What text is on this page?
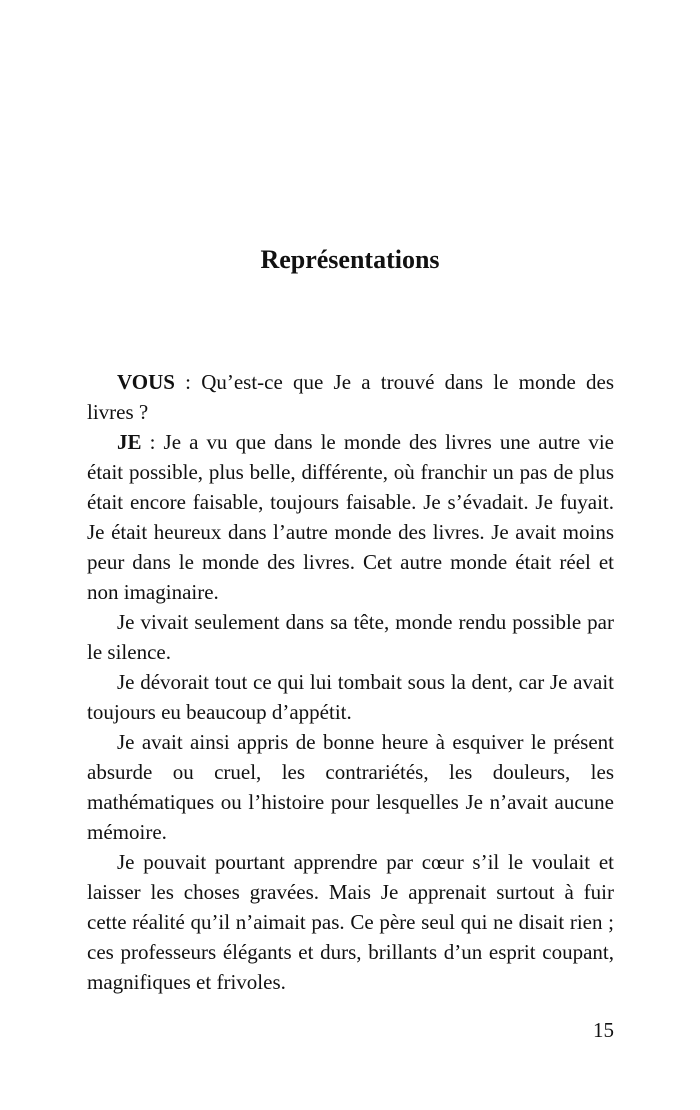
Représentations

VOUS : Qu’est-ce que Je a trouvé dans le monde des livres ?

JE : Je a vu que dans le monde des livres une autre vie était possible, plus belle, différente, où franchir un pas de plus était encore faisable, toujours faisable. Je s’évadait. Je fuyait. Je était heureux dans l’autre monde des livres. Je avait moins peur dans le monde des livres. Cet autre monde était réel et non imaginaire.

Je vivait seulement dans sa tête, monde rendu possible par le silence.

Je dévorait tout ce qui lui tombait sous la dent, car Je avait toujours eu beaucoup d’appétit.

Je avait ainsi appris de bonne heure à esquiver le présent absurde ou cruel, les contrariétés, les douleurs, les mathématiques ou l’histoire pour lesquelles Je n’avait aucune mémoire.

Je pouvait pourtant apprendre par cœur s’il le voulait et laisser les choses gravées. Mais Je apprenait surtout à fuir cette réalité qu’il n’aimait pas. Ce père seul qui ne disait rien ; ces professeurs élégants et durs, brillants d’un esprit coupant, magnifiques et frivoles.

15
